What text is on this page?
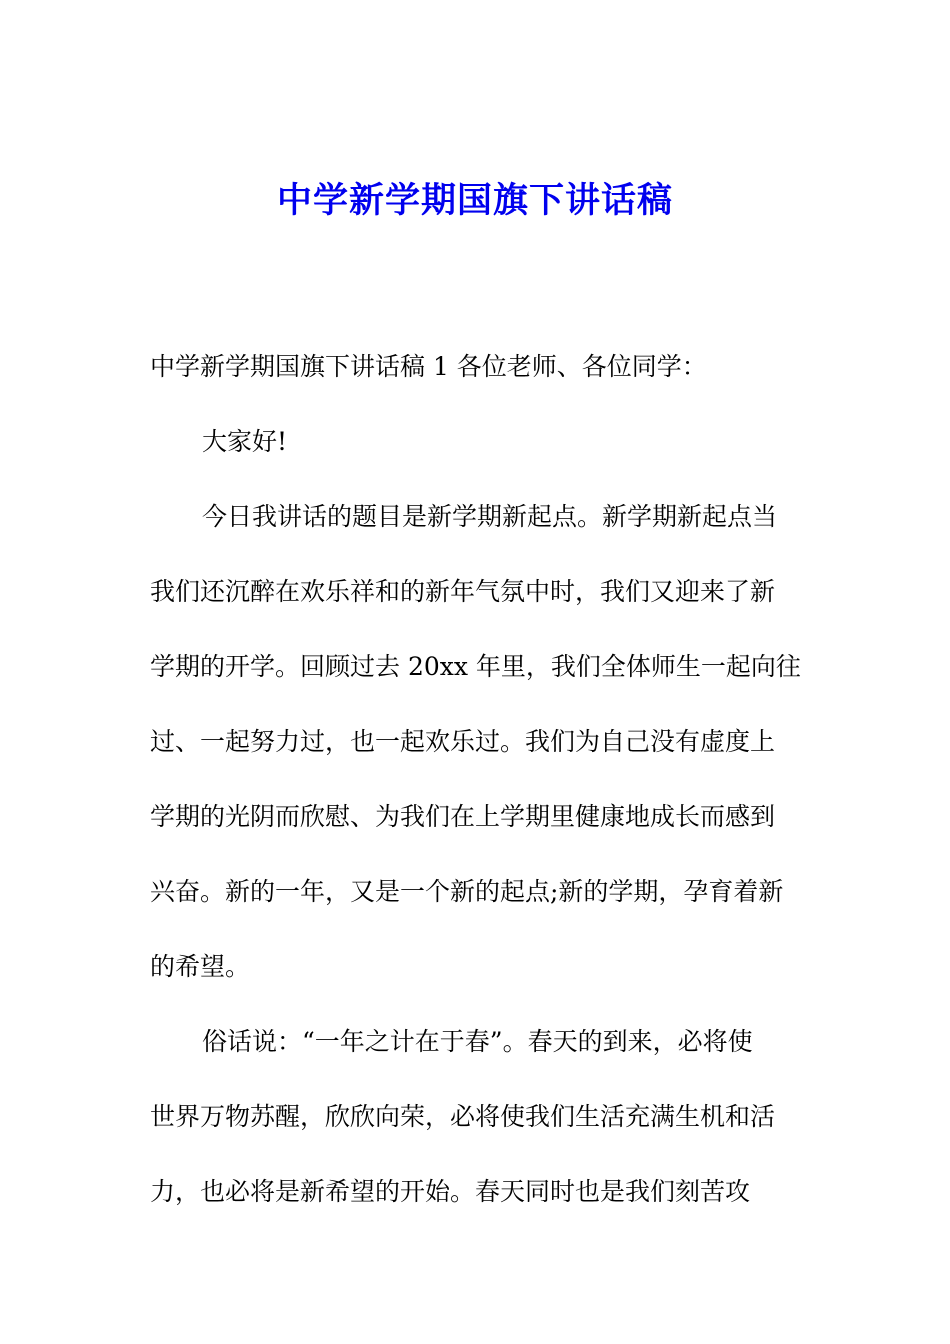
中学新学期国旗下讲话稿

中学新学期国旗下讲话稿 1 各位老师、各位同学：

大家好!

今日我讲话的题目是新学期新起点。新学期新起点当
我们还沉醉在欢乐祥和的新年气氛中时，我们又迎来了新
学期的开学。回顾过去 20xx 年里，我们全体师生一起向往
过、一起努力过，也一起欢乐过。我们为自己没有虚度上
学期的光阴而欣慰、为我们在上学期里健康地成长而感到
兴奋。新的一年，又是一个新的起点;新的学期，孕育着新
的希望。

俗话说：“一年之计在于春”。春天的到来，必将使
世界万物苏醒，欣欣向荣，必将使我们生活充满生机和活
力，也必将是新希望的开始。春天同时也是我们刻苦攻
